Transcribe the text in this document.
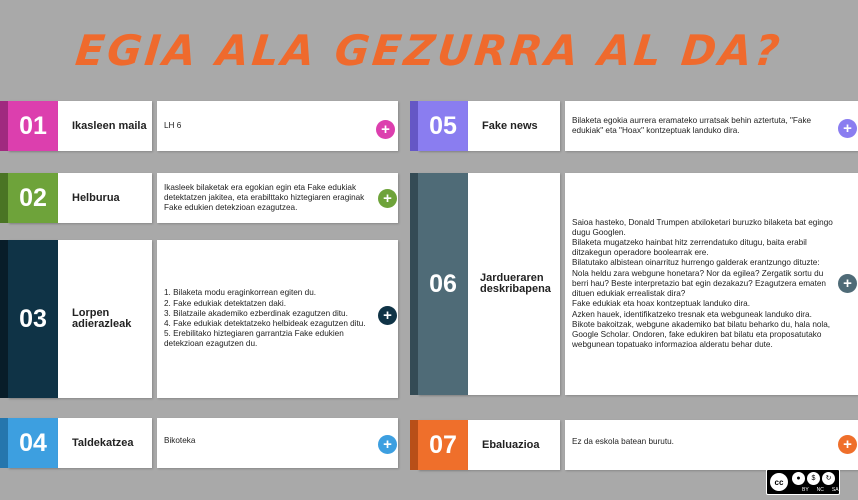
EGIA ALA GEZURRA AL DA?
01	Ikasleen maila	LH 6	+
02	Helburua
Ikasleek bilaketak era egokian egin eta Fake edukiak detektatzen jakitea, eta erabilttako hiztegiaren eraginak Fake edukien detekzioan ezagutzea.
+
03	Lorpen adierazleak
1. Bilaketa modu eraginkorrean egiten du.
2. Fake edukiak detektatzen daki.
3. Bilatzaile akademiko ezberdinak ezagutzen ditu.
4. Fake edukiak detektatzeko helbideak ezagutzen ditu.
5. Erebilitako hiztegiaren garrantzia Fake edukien detekzioan ezagutzen du.
+
04	Taldekatzea	Bikoteka	+
05	Fake news	Bilaketa egokia aurrera eramateko urratsak behin aztertuta, "Fake edukiak" eta "Hoax" kontzeptuak landuko dira.	+
06	Jardueraren deskribapena
Saioa hasteko, Donald Trumpen atxiloketari buruzko bilaketa bat egingo dugu Googlen.
Bilaketa mugatzeko hainbat hitz zerrendatuko ditugu, baita erabil ditzakegun operadore boolearrak ere.
Bilatutako albistean oinarrituz hurrengo galderak erantzungo dituzte: Nola heldu zara webgune honetara? Nor da egilea? Zergatik sortu du berri hau? Beste interpretazio bat egin dezakazu? Ezagutzera ematen dituen edukiak errealistak dira?
Fake edukiak eta hoax kontzeptuak landuko dira.
Azken hauek, identifikatzeko tresnak eta webguneak landuko dira. Bikote bakoitzak, webgune akademiko bat bilatu beharko du, hala nola, Google Scholar. Ondoren, fake edukiren bat bilatu eta proposatutako webgunean topatuako informazioa alderatu behar dute.
+
07	Ebaluazioa	Ez da eskola batean burutu.	+
cc	●	$	↻
BY NC SA
